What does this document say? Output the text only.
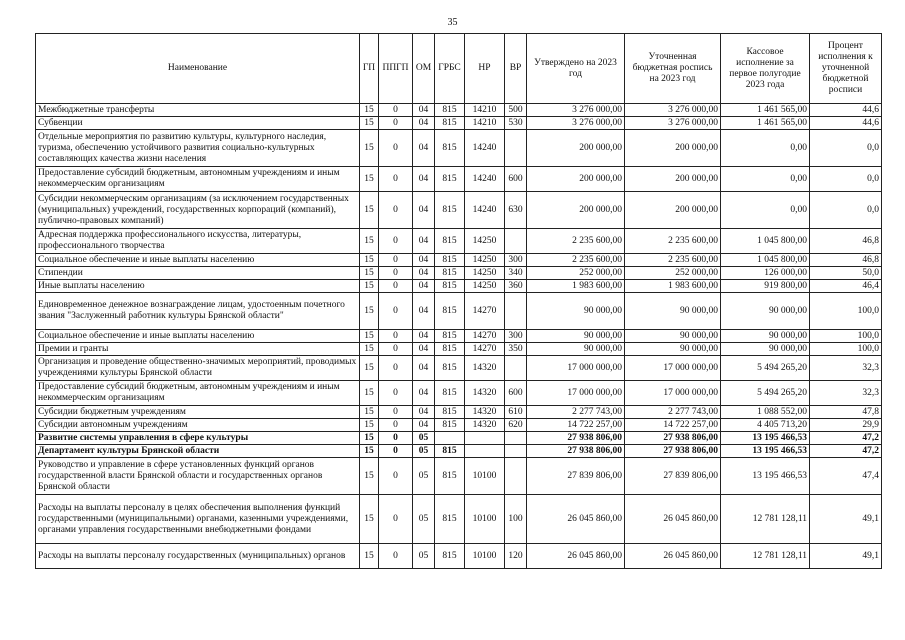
35
Наименование	ГП	ППГП	ОМ	ГРБС	НР	ВР	Утверждено на 2023 год	Уточненная бюджетная роспись на 2023 год	Кассовое исполнение за первое полугодие 2023 года	Процент исполнения к уточненной бюджетной росписи
Межбюджетные трансферты	15	0	04	815	14210	500	3 276 000,00	3 276 000,00	1 461 565,00	44,6
Субвенции	15	0	04	815	14210	530	3 276 000,00	3 276 000,00	1 461 565,00	44,6
Отдельные мероприятия по развитию культуры, культурного наследия, туризма, обеспечению устойчивого развития социально-культурных составляющих качества жизни населения	15	0	04	815	14240		200 000,00	200 000,00	0,00	0,0
Предоставление субсидий бюджетным, автономным учреждениям и иным некоммерческим организациям	15	0	04	815	14240	600	200 000,00	200 000,00	0,00	0,0
Субсидии некоммерческим организациям (за исключением государственных (муниципальных) учреждений, государственных корпораций (компаний), публично-правовых компаний)	15	0	04	815	14240	630	200 000,00	200 000,00	0,00	0,0
Адресная поддержка профессионального искусства, литературы, профессионального творчества	15	0	04	815	14250		2 235 600,00	2 235 600,00	1 045 800,00	46,8
Социальное обеспечение и иные выплаты населению	15	0	04	815	14250	300	2 235 600,00	2 235 600,00	1 045 800,00	46,8
Стипендии	15	0	04	815	14250	340	252 000,00	252 000,00	126 000,00	50,0
Иные выплаты населению	15	0	04	815	14250	360	1 983 600,00	1 983 600,00	919 800,00	46,4
Единовременное денежное вознаграждение лицам, удостоенным почетного звания "Заслуженный работник культуры Брянской области"	15	0	04	815	14270		90 000,00	90 000,00	90 000,00	100,0
Социальное обеспечение и иные выплаты населению	15	0	04	815	14270	300	90 000,00	90 000,00	90 000,00	100,0
Премии и гранты	15	0	04	815	14270	350	90 000,00	90 000,00	90 000,00	100,0
Организация и проведение общественно-значимых мероприятий, проводимых учреждениями культуры Брянской области	15	0	04	815	14320		17 000 000,00	17 000 000,00	5 494 265,20	32,3
Предоставление субсидий бюджетным, автономным учреждениям и иным некоммерческим организациям	15	0	04	815	14320	600	17 000 000,00	17 000 000,00	5 494 265,20	32,3
Субсидии бюджетным учреждениям	15	0	04	815	14320	610	2 277 743,00	2 277 743,00	1 088 552,00	47,8
Субсидии автономным учреждениям	15	0	04	815	14320	620	14 722 257,00	14 722 257,00	4 405 713,20	29,9
Развитие системы управления в сфере культуры	15	0	05				27 938 806,00	27 938 806,00	13 195 466,53	47,2
Департамент культуры Брянской области	15	0	05	815			27 938 806,00	27 938 806,00	13 195 466,53	47,2
Руководство и управление в сфере установленных функций органов государственной власти Брянской области и государственных органов Брянской области	15	0	05	815	10100		27 839 806,00	27 839 806,00	13 195 466,53	47,4
Расходы на выплаты персоналу в целях обеспечения выполнения функций государственными (муниципальными) органами, казенными учреждениями, органами управления государственными внебюджетными фондами	15	0	05	815	10100	100	26 045 860,00	26 045 860,00	12 781 128,11	49,1
Расходы на выплаты персоналу государственных (муниципальных) органов	15	0	05	815	10100	120	26 045 860,00	26 045 860,00	12 781 128,11	49,1
